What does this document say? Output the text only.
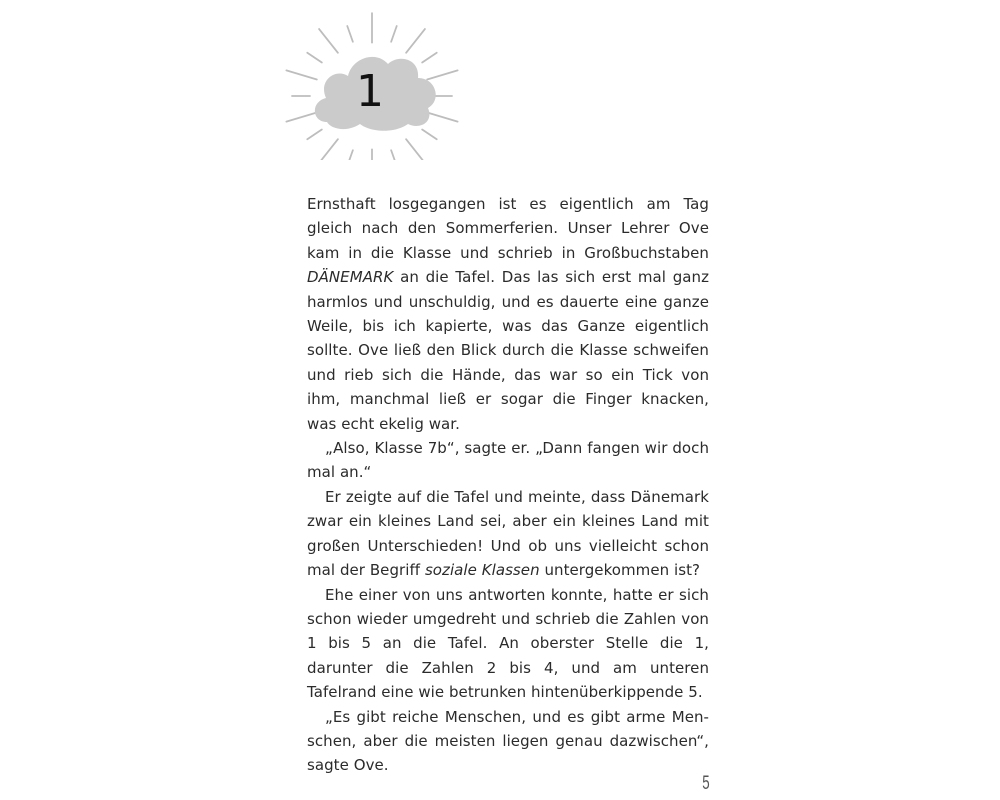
1

Ernsthaft losgegangen ist es eigentlich am Tag gleich nach den Sommerferien. Unser Lehrer Ove kam in die Klasse und schrieb in Großbuchstaben DÄNEMARK an die Tafel. Das las sich erst mal ganz harmlos und unschuldig, und es dauerte eine ganze Weile, bis ich kapierte, was das Ganze eigentlich sollte. Ove ließ den Blick durch die Klasse schweifen und rieb sich die Hände, das war so ein Tick von ihm, manchmal ließ er sogar die Finger knacken, was echt ekelig war.

„Also, Klasse 7b“, sagte er. „Dann fangen wir doch mal an.“

Er zeigte auf die Tafel und meinte, dass Dänemark zwar ein kleines Land sei, aber ein kleines Land mit großen Unterschieden! Und ob uns vielleicht schon mal der Begriff soziale Klassen untergekommen ist?

Ehe einer von uns antworten konnte, hatte er sich schon wieder umgedreht und schrieb die Zahlen von 1 bis 5 an die Tafel. An oberster Stelle die 1, darunter die Zahlen 2 bis 4, und am unteren Tafelrand eine wie betrunken hintenüberkippende 5.

„Es gibt reiche Menschen, und es gibt arme Men-schen, aber die meisten liegen genau dazwischen“, sagte Ove.

5
